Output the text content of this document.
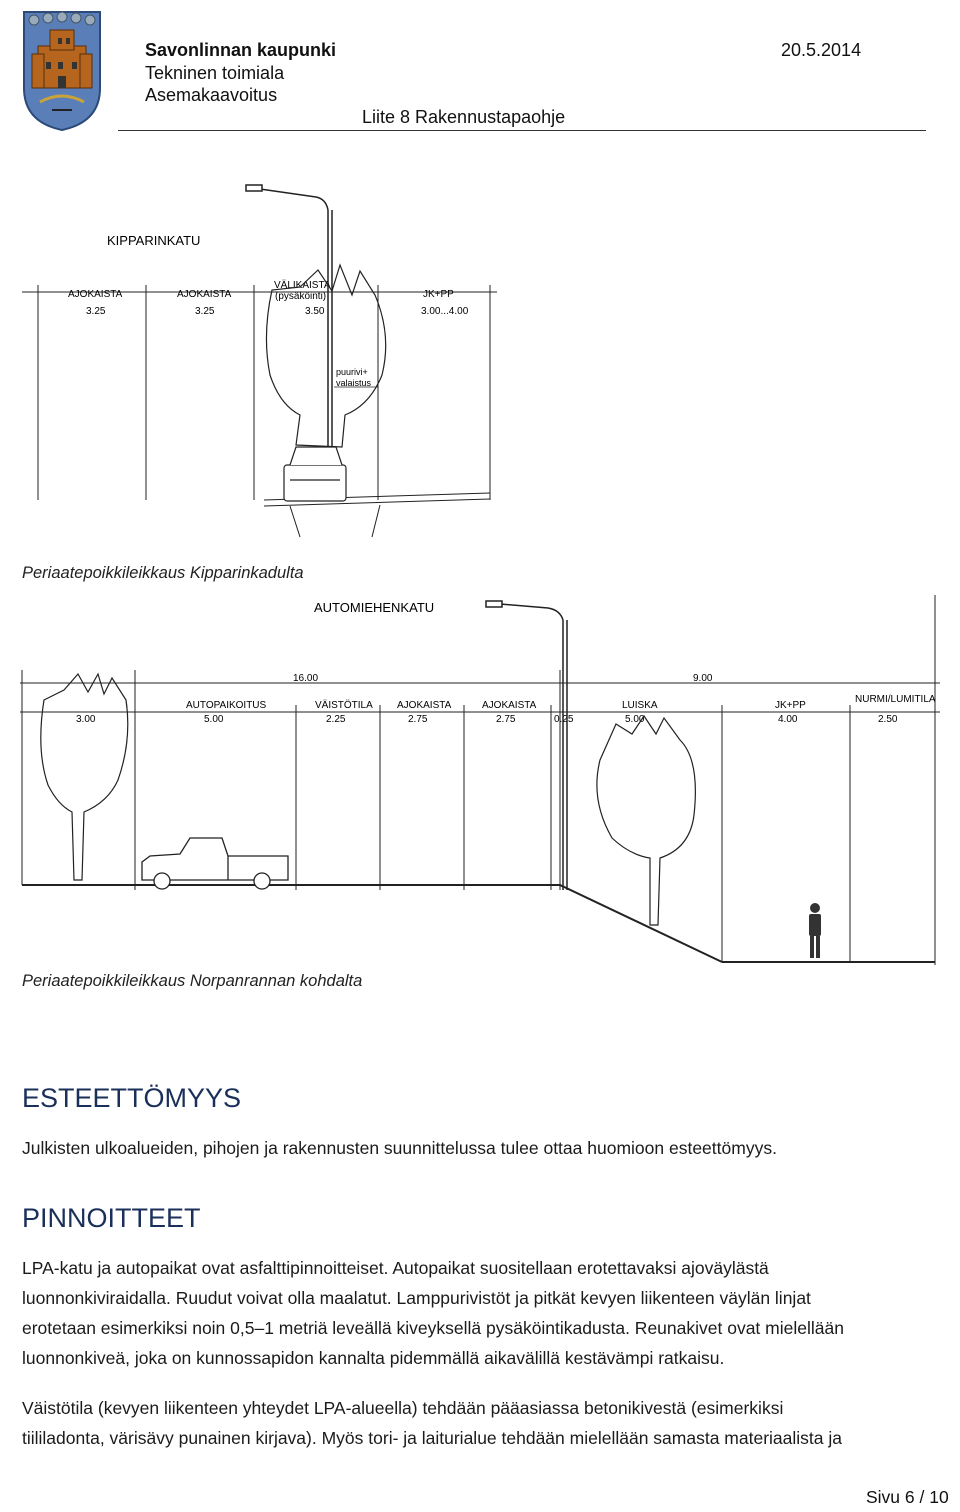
Savonlinnan kaupunki	20.5.2014
Tekninen toimiala
Asemakaavoitus
Liite 8 Rakennustapaohje
KIPPARINKATU
AJOKAISTA
3.25
AJOKAISTA
3.25
VÄLIKAISTA
(pysäköinti)
3.50
JK+PP
3.00...4.00
puurivi+
valaistus
Periaatepoikkileikkaus Kipparinkadulta
AUTOMIEHENKATU
16.00	9.00
3.00
AUTOPAIKOITUS
5.00
VÄISTÖTILA
2.25
AJOKAISTA
2.75
AJOKAISTA
2.75	0.25
LUISKA
5.00
JK+PP
4.00
NURMI/LUMITILA
2.50
Periaatepoikkileikkaus Norpanrannan kohdalta
ESTEETTÖMYYS
Julkisten ulkoalueiden, pihojen ja rakennusten suunnittelussa tulee ottaa huomioon esteettömyys.
PINNOITTEET
LPA-katu ja autopaikat ovat asfalttipinnoitteiset. Autopaikat suositellaan erotettavaksi ajoväylästä
luonnonkiviraidalla. Ruudut voivat olla maalatut. Lamppurivistöt ja pitkät kevyen liikenteen väylän linjat
erotetaan esimerkiksi noin 0,5–1 metriä leveällä kiveyksellä pysäköintikadusta. Reunakivet ovat mielellään
luonnonkiveä, joka on kunnossapidon kannalta pidemmällä aikavälillä kestävämpi ratkaisu.
Väistötila (kevyen liikenteen yhteydet LPA-alueella) tehdään pääasiassa betonikivestä (esimerkiksi
tiililadonta, värisävy punainen kirjava). Myös tori- ja laiturialue tehdään mielellään samasta materiaalista ja
Sivu 6 / 10
